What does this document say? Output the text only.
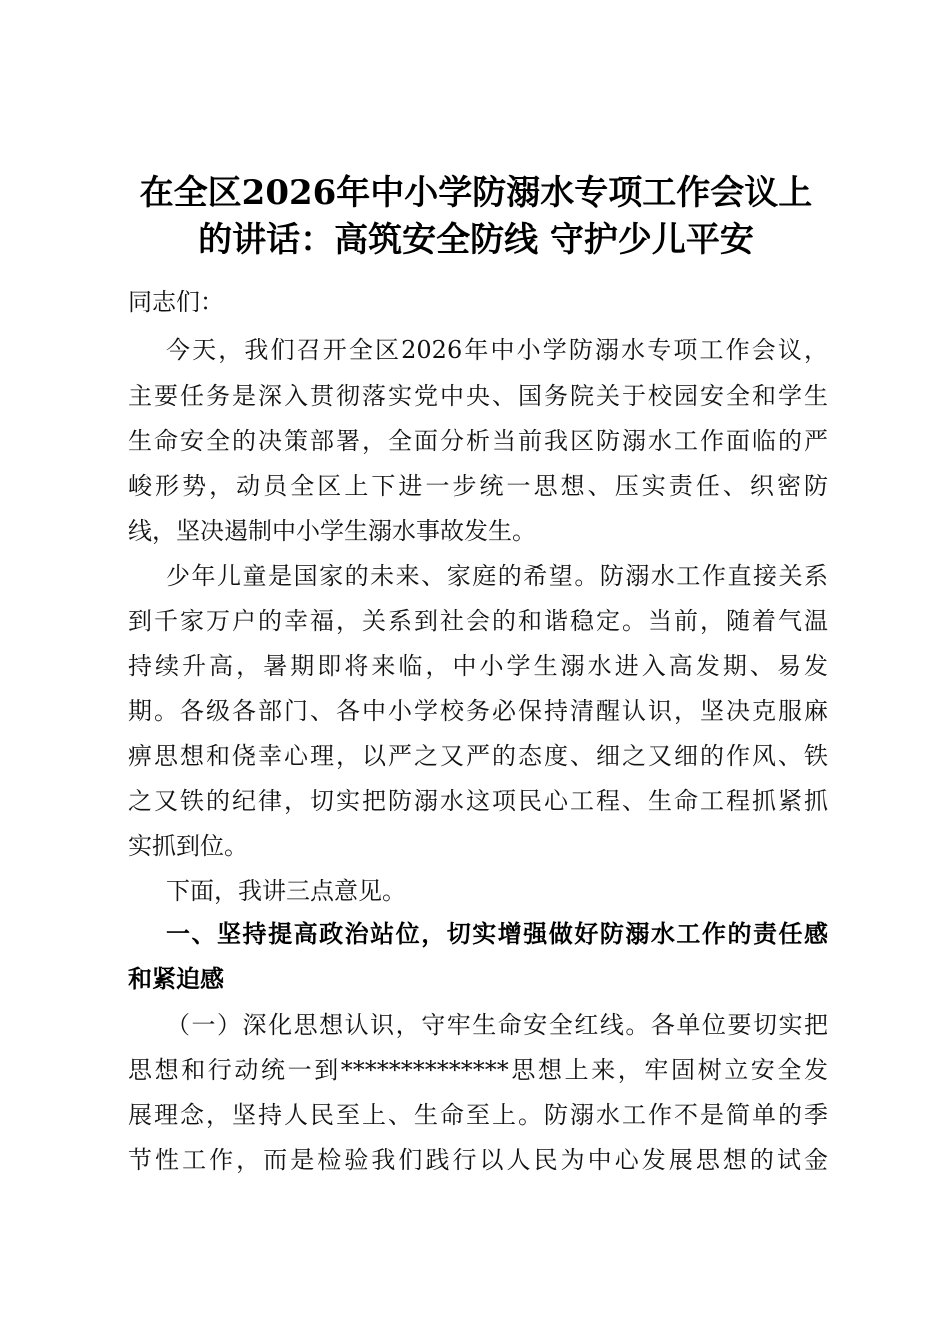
在全区2026年中小学防溺水专项工作会议上
的讲话：高筑安全防线 守护少儿平安

同志们：

今天，我们召开全区2026年中小学防溺水专项工作会议，

主要任务是深入贯彻落实党中央、国务院关于校园安全和学生

生命安全的决策部署，全面分析当前我区防溺水工作面临的严

峻形势，动员全区上下进一步统一思想、压实责任、织密防

线，坚决遏制中小学生溺水事故发生。

少年儿童是国家的未来、家庭的希望。防溺水工作直接关系

到千家万户的幸福，关系到社会的和谐稳定。当前，随着气温

持续升高，暑期即将来临，中小学生溺水进入高发期、易发

期。各级各部门、各中小学校务必保持清醒认识，坚决克服麻

痹思想和侥幸心理，以严之又严的态度、细之又细的作风、铁

之又铁的纪律，切实把防溺水这项民心工程、生命工程抓紧抓

实抓到位。

下面，我讲三点意见。

一、坚持提高政治站位，切实增强做好防溺水工作的责任感

和紧迫感

（一）深化思想认识，守牢生命安全红线。各单位要切实把

思想和行动统一到**************思想上来，牢固树立安全发

展理念，坚持人民至上、生命至上。防溺水工作不是简单的季

节性工作，而是检验我们践行以人民为中心发展思想的试金
